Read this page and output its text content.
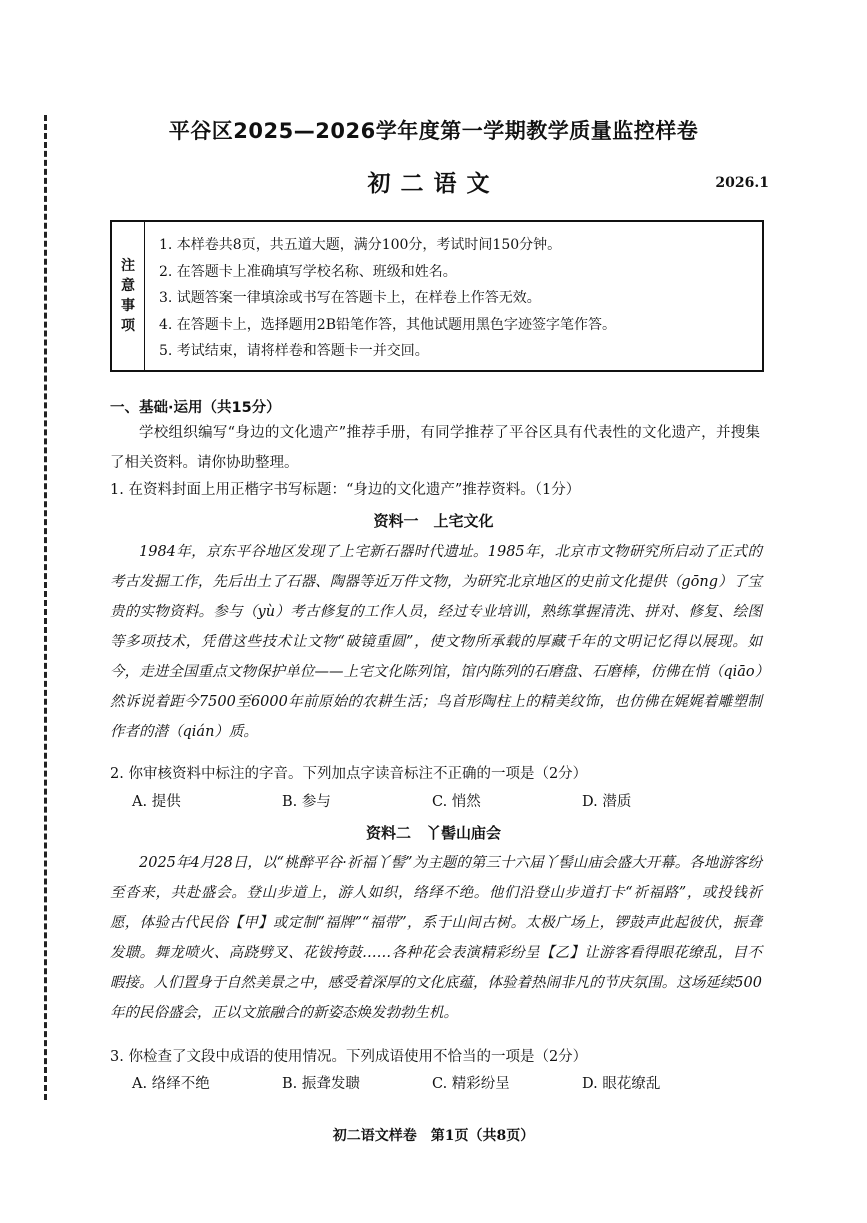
平谷区2025—2026学年度第一学期教学质量监控样卷
初二语文	2026.1
注
意
事
项
1. 本样卷共8页，共五道大题，满分100分，考试时间150分钟。
2. 在答题卡上准确填写学校名称、班级和姓名。
3. 试题答案一律填涂或书写在答题卡上，在样卷上作答无效。
4. 在答题卡上，选择题用2B铅笔作答，其他试题用黑色字迹签字笔作答。
5. 考试结束，请将样卷和答题卡一并交回。
一、基础·运用（共15分）

学校组织编写“身边的文化遗产”推荐手册，有同学推荐了平谷区具有代表性的文化遗产，并搜集了相关资料。请你协助整理。

1. 在资料封面上用正楷字书写标题：“身边的文化遗产”推荐资料。（1分）
资料一　上宅文化

1984年，京东平谷地区发现了上宅新石器时代遗址。1985年，北京市文物研究所启动了正式的考古发掘工作，先后出土了石器、陶器等近万件文物，为研究北京地区的史前文化提供（gōng）了宝贵的实物资料。参与（yù）考古修复的工作人员，经过专业培训，熟练掌握清洗、拼对、修复、绘图等多项技术，凭借这些技术让文物“破镜重圆”，使文物所承载的厚藏千年的文明记忆得以展现。如今，走进全国重点文物保护单位——上宅文化陈列馆，馆内陈列的石磨盘、石磨棒，仿佛在悄（qiāo）然诉说着距今7500至6000年前原始的农耕生活；鸟首形陶柱上的精美纹饰，也仿佛在娓娓着雕塑制作者的潜（qián）质。

2. 你审核资料中标注的字音。下列加点字读音标注不正确的一项是（2分）
A. 提供	B. 参与	C. 悄然	D. 潜质
资料二　丫髻山庙会

2025年4月28日，以“桃醉平谷·祈福丫髻”为主题的第三十六届丫髻山庙会盛大开幕。各地游客纷至沓来，共赴盛会。登山步道上，游人如织，络绎不绝。他们沿登山步道打卡“祈福路”，或投钱祈愿，体验古代民俗【甲】或定制“福牌”“福带”，系于山间古树。太极广场上，锣鼓声此起彼伏，振聋发聩。舞龙喷火、高跷劈叉、花钹挎鼓……各种花会表演精彩纷呈【乙】让游客看得眼花缭乱，目不暇接。人们置身于自然美景之中，感受着深厚的文化底蕴，体验着热闹非凡的节庆氛围。这场延续500年的民俗盛会，正以文旅融合的新姿态焕发勃勃生机。

3. 你检查了文段中成语的使用情况。下列成语使用不恰当的一项是（2分）
A. 络绎不绝	B. 振聋发聩	C. 精彩纷呈	D. 眼花缭乱
初二语文样卷　第1页（共8页）
